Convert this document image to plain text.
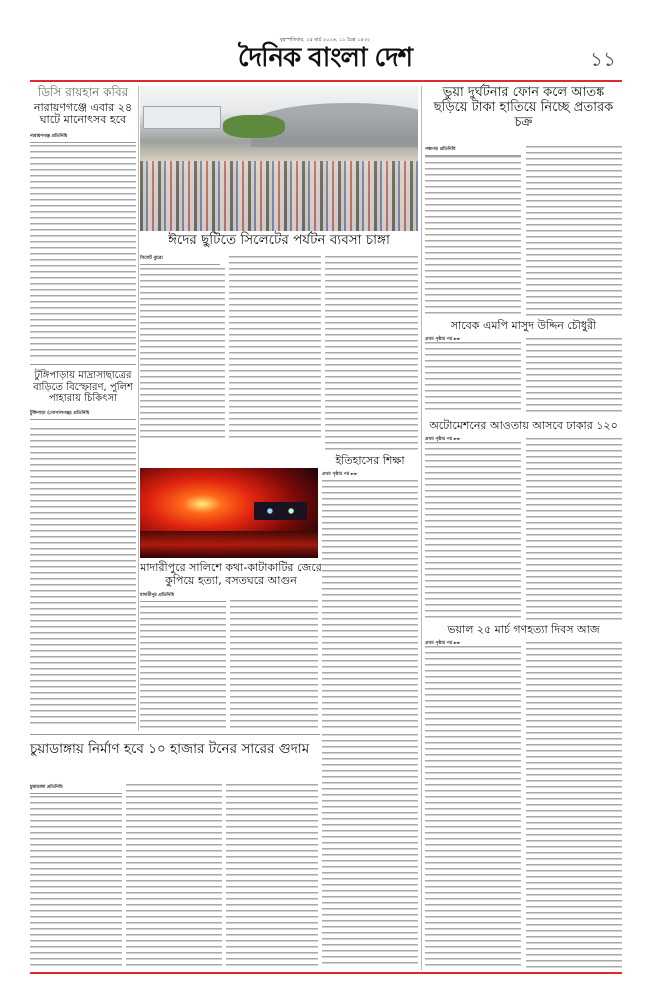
বৃহস্পতিবার, ২৫ মার্চ ২০২৬, ১১ চৈত্র ১৪৩২
দৈনিক বাংলা দেশ	১১
ডিসি রায়হান কবির
নারায়ণগঞ্জে এবার ২৪ ঘাটে মানোৎসব হবে
নারায়ণগঞ্জ প্রতিনিধি
টুঙ্গিপাড়ায় মাদ্রাসাছাত্রের বাড়িতে বিস্ফোরণ, পুলিশ পাহারায় চিকিৎসা
টুঙ্গিপাড়া (গোপালগঞ্জ) প্রতিনিধি
ঈদের ছুটিতে সিলেটের পর্যটন ব্যবসা চাঙ্গা
সিলেট ব্যুরো
ইতিহাসের শিক্ষা
প্রথম পৃষ্ঠার পর ►►
মাদারীপুরে সালিশে কথা-কাটাকাটির জেরে কুপিয়ে হত্যা, বসতঘরে আগুন
মাদারীপুর প্রতিনিধি
ভুয়া দুর্ঘটনার ফোন কলে আতঙ্ক ছড়িয়ে টাকা হাতিয়ে নিচ্ছে প্রতারক চক্র
পঞ্চগড় প্রতিনিধি
সাবেক এমপি মাসুদ উদ্দিন চৌধুরী
প্রথম পৃষ্ঠার পর ►►
অটোমেশনের আওতায় আসবে ঢাকার ১২০
প্রথম পৃষ্ঠার পর ►►
ভয়াল ২৫ মার্চ গণহত্যা দিবস আজ
প্রথম পৃষ্ঠার পর ►►
চুয়াডাঙ্গায় নির্মাণ হবে ১০ হাজার টনের সারের গুদাম
চুয়াডাঙ্গা প্রতিনিধি
